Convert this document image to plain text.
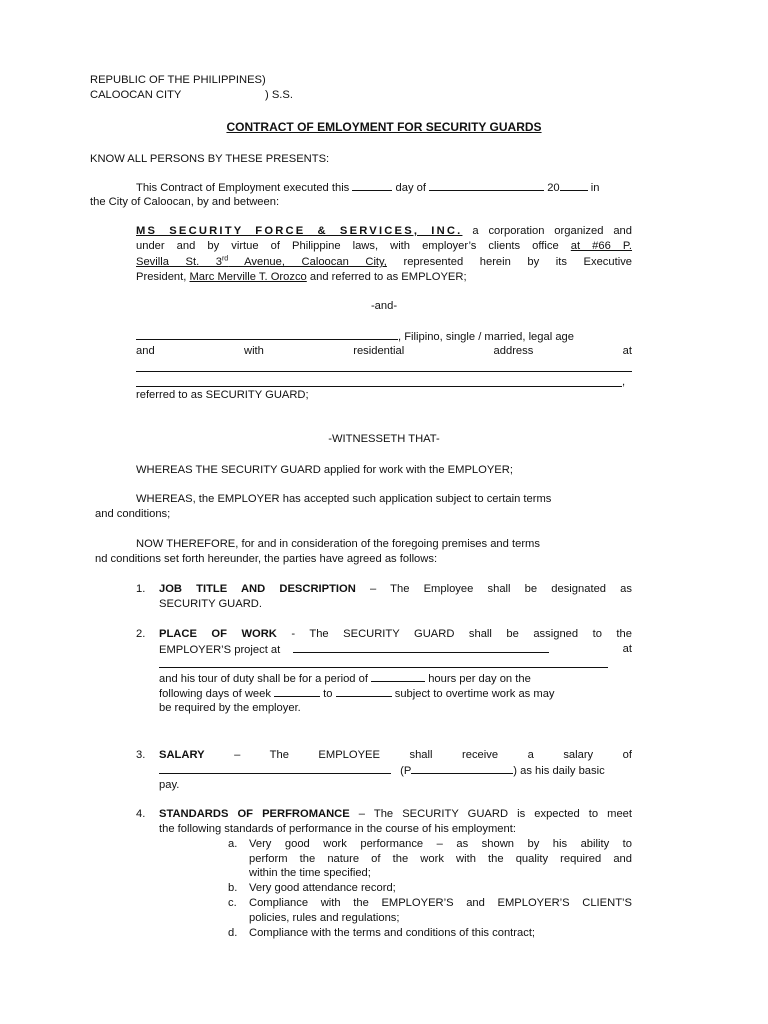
REPUBLIC OF THE PHILIPPINES)
CALOOCAN CITY	) S.S.
CONTRACT OF EMLOYMENT FOR SECURITY GUARDS
KNOW ALL PERSONS BY THESE PRESENTS:
This Contract of Employment executed this	day of	20	in
the City of Caloocan, by and between:
MS SECURITY FORCE & SERVICES, INC. a corporation organized and
under and by virtue of Philippine laws, with employer’s clients office at #66 P.
Sevilla St. 3rd Avenue, Caloocan City, represented herein by its Executive
President, Marc Merville T. Orozco and referred to as EMPLOYER;
-and-
, Filipino, single / married, legal age
and with residential address at
,
referred to as SECURITY GUARD;
-WITNESSETH THAT-
WHEREAS THE SECURITY GUARD applied for work with the EMPLOYER;
WHEREAS, the EMPLOYER has accepted such application subject to certain terms
and conditions;
NOW THEREFORE, for and in consideration of the foregoing premises and terms
nd conditions set forth hereunder, the parties have agreed as follows:
1. JOB TITLE AND DESCRIPTION – The Employee shall be designated as
SECURITY GUARD.
2. PLACE OF WORK - The SECURITY GUARD shall be assigned to the
EMPLOYER’S project at	at
and his tour of duty shall be for a period of	hours per day on the
following days of week	to	subject to overtime work as may
be required by the employer.
3. SALARY – The EMPLOYEE shall receive a salary of
(P	) as his daily basic
pay.
4. STANDARDS OF PERFROMANCE – The SECURITY GUARD is expected to meet
the following standards of performance in the course of his employment:
a. Very good work performance – as shown by his ability to
perform the nature of the work with the quality required and
within the time specified;
b. Very good attendance record;
c. Compliance with the EMPLOYER’S and EMPLOYER’S CLIENT’S
policies, rules and regulations;
d. Compliance with the terms and conditions of this contract;
